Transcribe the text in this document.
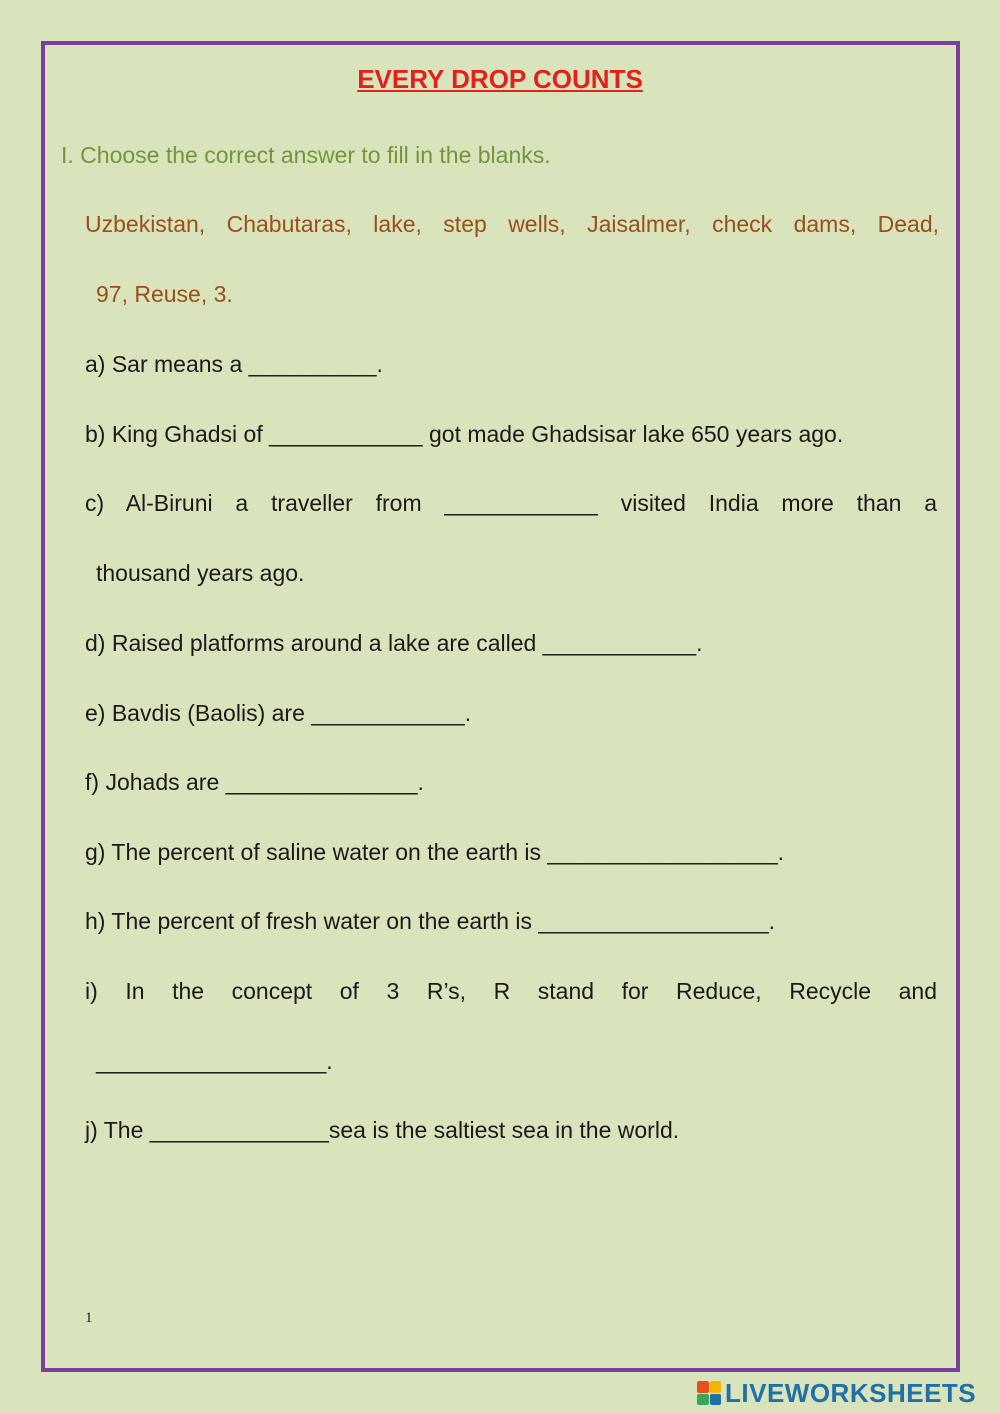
EVERY DROP COUNTS
I. Choose the correct answer to fill in the blanks.
Uzbekistan, Chabutaras, lake, step wells, Jaisalmer, check dams, Dead,
97, Reuse, 3.
a) Sar means a __________.
b) King Ghadsi of ____________ got made Ghadsisar lake 650 years ago.
c) Al-Biruni a traveller from ____________ visited India more than a
thousand years ago.
d) Raised platforms around a lake are called ____________.
e) Bavdis (Baolis) are ____________.
f) Johads are _______________.
g) The percent of saline water on the earth is __________________.
h) The percent of fresh water on the earth is __________________.
i) In the concept of 3 R’s, R stand for Reduce, Recycle and
__________________.
j) The ______________sea is the saltiest sea in the world.
1
LIVEWORKSHEETS
